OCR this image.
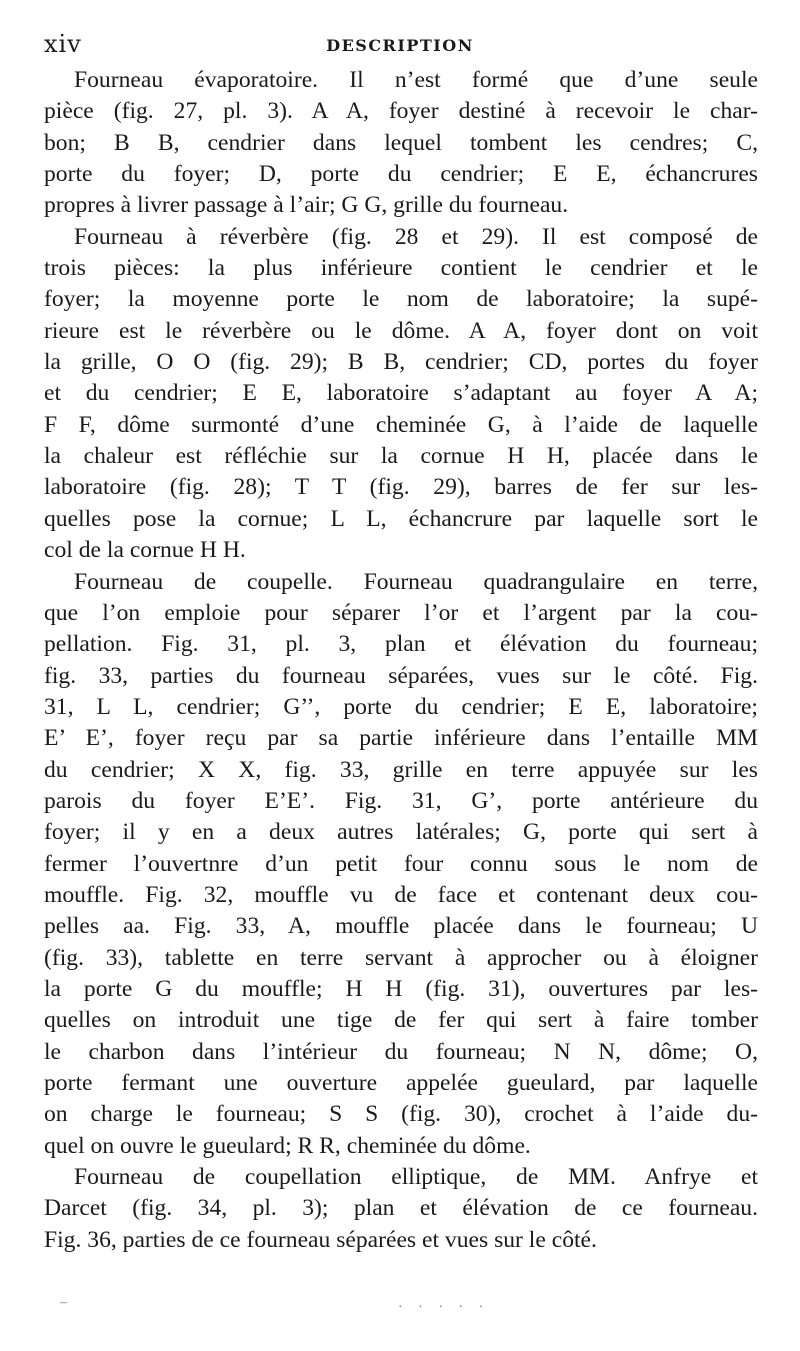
xiv	DESCRIPTION
Fourneau évaporatoire. Il n’est formé que d’une seule
pièce (fig. 27, pl. 3). A A, foyer destiné à recevoir le char-
bon; B B, cendrier dans lequel tombent les cendres; C,
porte du foyer; D, porte du cendrier; E E, échancrures
propres à livrer passage à l’air; G G, grille du fourneau.
Fourneau à réverbère (fig. 28 et 29). Il est composé de
trois pièces: la plus inférieure contient le cendrier et le
foyer; la moyenne porte le nom de laboratoire; la supé-
rieure est le réverbère ou le dôme. A A, foyer dont on voit
la grille, O O (fig. 29); B B, cendrier; CD, portes du foyer
et du cendrier; E E, laboratoire s’adaptant au foyer A A;
F F, dôme surmonté d’une cheminée G, à l’aide de laquelle
la chaleur est réfléchie sur la cornue H H, placée dans le
laboratoire (fig. 28); T T (fig. 29), barres de fer sur les-
quelles pose la cornue; L L, échancrure par laquelle sort le
col de la cornue H H.
Fourneau de coupelle. Fourneau quadrangulaire en terre,
que l’on emploie pour séparer l’or et l’argent par la cou-
pellation. Fig. 31, pl. 3, plan et élévation du fourneau;
fig. 33, parties du fourneau séparées, vues sur le côté. Fig.
31, L L, cendrier; G’’, porte du cendrier; E E, laboratoire;
E’ E’, foyer reçu par sa partie inférieure dans l’entaille MM
du cendrier; X X, fig. 33, grille en terre appuyée sur les
parois du foyer E’E’. Fig. 31, G’, porte antérieure du
foyer; il y en a deux autres latérales; G, porte qui sert à
fermer l’ouvertnre d’un petit four connu sous le nom de
mouffle. Fig. 32, mouffle vu de face et contenant deux cou-
pelles aa. Fig. 33, A, mouffle placée dans le fourneau; U
(fig. 33), tablette en terre servant à approcher ou à éloigner
la porte G du mouffle; H H (fig. 31), ouvertures par les-
quelles on introduit une tige de fer qui sert à faire tomber
le charbon dans l’intérieur du fourneau; N N, dôme; O,
porte fermant une ouverture appelée gueulard, par laquelle
on charge le fourneau; S S (fig. 30), crochet à l’aide du-
quel on ouvre le gueulard; R R, cheminée du dôme.
Fourneau de coupellation elliptique, de MM. Anfrye et
Darcet (fig. 34, pl. 3); plan et élévation de ce fourneau.
Fig. 36, parties de ce fourneau séparées et vues sur le côté.
–	· · · · ·
